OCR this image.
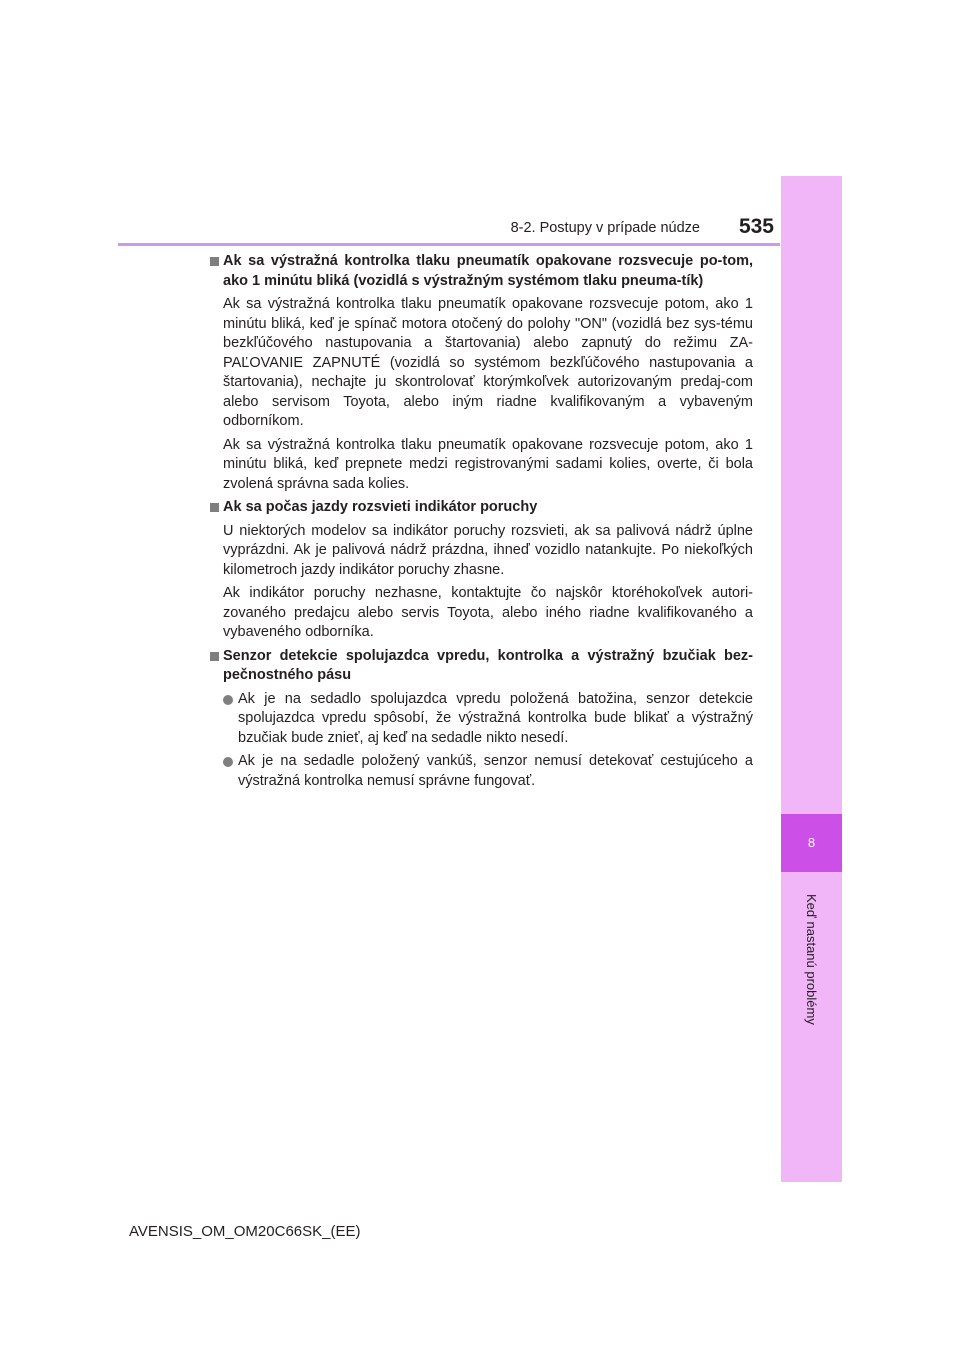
8-2. Postupy v prípade núdze	535
8
Keď nastanú problémy
Ak sa výstražná kontrolka tlaku pneumatík opakovane rozsvecuje po-tom, ako 1 minútu bliká (vozidlá s výstražným systémom tlaku pneuma-tík)
Ak sa výstražná kontrolka tlaku pneumatík opakovane rozsvecuje potom, ako 1 minútu bliká, keď je spínač motora otočený do polohy "ON" (vozidlá bez sys-tému bezkľúčového nastupovania a štartovania) alebo zapnutý do režimu ZA-PAĽOVANIE ZAPNUTÉ (vozidlá so systémom bezkľúčového nastupovania a štartovania), nechajte ju skontrolovať ktorýmkoľvek autorizovaným predaj-com alebo servisom Toyota, alebo iným riadne kvalifikovaným a vybaveným odborníkom.
Ak sa výstražná kontrolka tlaku pneumatík opakovane rozsvecuje potom, ako 1 minútu bliká, keď prepnete medzi registrovanými sadami kolies, overte, či bola zvolená správna sada kolies.
Ak sa počas jazdy rozsvieti indikátor poruchy
U niektorých modelov sa indikátor poruchy rozsvieti, ak sa palivová nádrž úplne vyprázdni. Ak je palivová nádrž prázdna, ihneď vozidlo natankujte. Po niekoľkých kilometroch jazdy indikátor poruchy zhasne.
Ak indikátor poruchy nezhasne, kontaktujte čo najskôr ktoréhokoľvek autori-zovaného predajcu alebo servis Toyota, alebo iného riadne kvalifikovaného a vybaveného odborníka.
Senzor detekcie spolujazdca vpredu, kontrolka a výstražný bzučiak bez-pečnostného pásu
Ak je na sedadlo spolujazdca vpredu položená batožina, senzor detekcie spolujazdca vpredu spôsobí, že výstražná kontrolka bude blikať a výstražný bzučiak bude znieť, aj keď na sedadle nikto nesedí.
Ak je na sedadle položený vankúš, senzor nemusí detekovať cestujúceho a výstražná kontrolka nemusí správne fungovať.
AVENSIS_OM_OM20C66SK_(EE)
